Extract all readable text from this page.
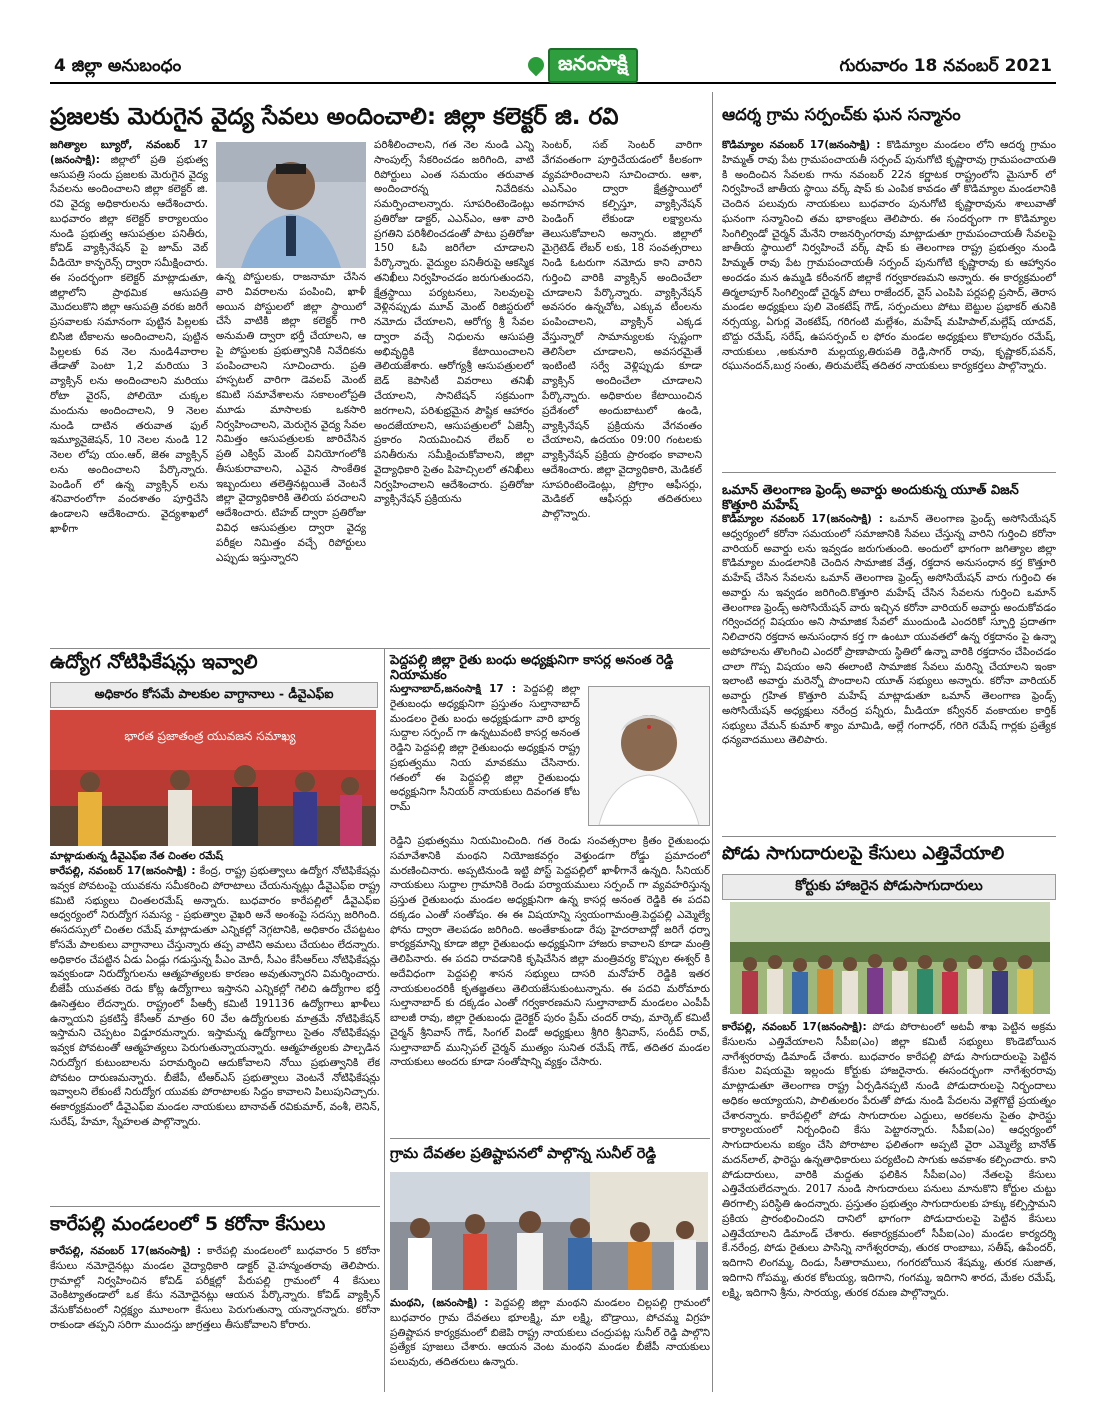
4 జిల్లా అనుబంధం	జనంసాక్షి	గురువారం 18 నవంబర్ 2021
ప్రజలకు మెరుగైన వైద్య సేవలు అందించాలి: జిల్లా కలెక్టర్ జి. రవి
జగిత్యాల బ్యూరో, నవంబర్ 17 (జనంసాక్షి): జిల్లాలో ప్రతి ప్రభుత్వ ఆసుపత్రి సందు ప్రజలకు మెరుగైన వైద్య సేవలను అందించాలని జిల్లా కలెక్టర్ జి. రవి వైద్య అధికారులను ఆదేశించారు. బుధవారం జిల్లా కలెక్టర్ కార్యాలయం నుండి ప్రభుత్వ ఆసుపత్రుల పనితీరు, కోవిడ్ వ్యాక్సినేషన్ పై జూమ్ వెబ్ వీడియో కాన్ఫరెన్స్ ద్వారా సమీక్షించారు. ఈ సందర్భంగా కలెక్టర్ మాట్లాడుతూ, జిల్లాలోని ప్రాథమిక ఆసుపత్రి మొదలుకొని జిల్లా ఆసుపత్రి వరకు జరిగే ప్రసవాలకు సమానంగా పుట్టిన పిల్లలకు బిసిజి టీకాలను అందించాలని, పుట్టిన పిల్లలకు 6వ నెల నుండి4వారాల తేడాతో పెంటా 1,2 మరియు 3 వ్యాక్సిన్ లను అందించాలని మరియు రోటా వైరస్, పోలియో చుక్కల మందును అందించాలని, 9 నెలల నుండి దాటిన తరువాత ఫుల్ ఇమ్యూనైజెషన్, 10 నెలల నుండి 12 నెలల లోపు యం.ఆర్, జెఈ వ్యాక్సిన్ లను అందించాలని పేర్కొన్నారు. పెండింగ్ లో ఉన్న వ్యాక్సిన్ లను శనివారంలోగా వందశాతం పూర్తిచేసి ఉండాలని ఆదేశించారు. వైద్యశాఖలో ఖాళీగా
ఉన్న పోస్టులకు, రాజనామా చేసిన వారి వివరాలను పంపించి, ఖాళీ అయిన పోస్టులలో జిల్లా స్థాయిలో చేసే వాటికి జిల్లా కలెక్టర్ గారి అనుమతి ద్వారా భర్తీ చేయాలని, ఆ పై పోస్టులకు ప్రభుత్వానికి నివేదికను పంపించాలని సూచించారు. ప్రతి హస్పటల్ వారిగా డెవలప్ మెంట్ కమిటి సమావేశాలను సకాలంలోప్రతి మూడు మాసాలకు ఒకసారి నిర్వహించాలని, మెరుగైన వైద్య సేవల నిమిత్తం ఆసుపత్రులకు జారిచేసిన ప్రతి ఎక్విప్ మెంట్ వినియోగంలోకి తీసుకురావాలని, ఎవైన సాంకేతిక ఇబ్బందులు తలెత్తినట్లయితే వెంటనే జిల్లా వైద్యాధికారికి తెలియ పరచాలని ఆదేశించారు. టిహబ్ ద్వారా ప్రతిరోజు వివిధ ఆసుపత్రుల ద్వారా వైద్య పరీక్షల నిమిత్తం వచ్చే రిపోర్టులు ఎప్పుడు ఇస్తున్నారని
పరిశీలించాలని, గత నెల నుండి ఎన్ని సాంపుల్స్ సేకరించడం జరిగింది, వాటి రిపోర్టులు ఎంత సమయం తరువాత అందించారన్న నివేదికను సమర్పించాలన్నారు. సూపరింటెండెంట్లు ప్రతిరోజు డాక్టర్, ఎఎన్ఎం, ఆశా వారి ప్రగతిని పరిశీలించడంతో పాటు ప్రతిరోజు 150 ఓపి జరిగేలా చూడాలని పేర్కొన్నారు. వైద్యుల పనితీరుపై ఆకస్మిక తనిఖీలు నిర్వహించడం జరుగుతుందని, క్షేత్రస్థాయి పర్యటనలు, సెలవులపై వెళ్లినప్పుడు మూవ్ మెంట్ రిజిస్టరులో నమోదు చేయాలని, ఆరోగ్య శ్రీ సేవల ద్వారా వచ్చే నిధులను ఆసుపత్రి అభివృద్ధికి కేటాయించాలని తెలియజేశారు. ఆరోగ్యశ్రీ ఆసుపత్రులలో బెడ్ కెపాసిటీ వివరాలు తనిఖీ చేయాలని, సానిటేషన్ సక్రమంగా జరగాలని, పరిశుభ్రమైన పౌష్టిక ఆహారం అందజేయాలని, ఆసుపత్రులలో ఏజెన్సీ ప్రకారం నియమించిన లేబర్ ల పనితీరును సమీక్షించుకోవాలని, జిల్లా వైద్యాధికారి సైతం పిహెచ్సిలలో తనిఖీలు నిర్వహించాలని ఆదేశించారు. ప్రతిరోజు వ్యాక్సినేషన్ ప్రక్రియను
సెంటర్, సబ్ సెంటర్ వారిగా వేగవంతంగా పూర్తిచేయడంలో కీలకంగా వ్యవహరించాలని సూచించారు. ఆశా, ఎఎన్ఎం ద్వారా క్షేత్రస్థాయిలో అవగాహన కల్పిస్తూ, వ్యాక్సినేషన్ పెండింగ్ లేకుండా లక్ష్యాలను తెలుసుకోవాలని అన్నారు. జిల్లాలో మైగ్రెటెడ్ లేబర్ లకు, 18 సంవత్సరాలు నిండి ఓటరుగా నమోదు కాని వారిని గుర్తించి వారికి వ్యాక్సిన్ అందించేలా చూడాలని పేర్కొన్నారు. వ్యాక్సినేషన్ అవసరం ఉన్నచోట, ఎక్కువ టీంలను పంపించాలని, వ్యాక్సిన్ ఎక్కడ వేస్తున్నారో సామాన్యులకు స్పష్టంగా తెలిసేలా చూడాలని, అవసరమైతే ఇంటింటి సర్వే వెళ్లిప్పుడు కూడా వ్యాక్సిన్ అందించేలా చూడాలని పేర్కొన్నారు. అధికారుల కేటాయించిన ప్రదేశంలో అందుబాటులో ఉండి, వ్యాక్సినేషన్ ప్రక్రియను వేగవంతం చేయాలని, ఉదయం 09:00 గంటలకు వ్యాక్సినేషన్ ప్రక్రియ ప్రారంభం కావాలని ఆదేశించారు. జిల్లా వైద్యాధికారి, మెడికల్ సూపరింటెండెంట్లు, ప్రోగ్రాం ఆఫీసర్లు, మెడికల్ ఆఫీసర్లు తదితరులు పాల్గొన్నారు.
ఆదర్శ గ్రామ సర్పంచ్‌కు ఘన సన్మానం
కొడిమ్యాల నవంబర్ 17(జనంసాక్షి) : కొడిమ్యాల మండలం లోని ఆదర్శ గ్రామం హిమ్మత్ రావు పేట గ్రామపంచాయతీ సర్పంచ్ పునుగోటి కృష్ణారావు గ్రామపంచాయతి కి అందించిన సేవలకు గాను నవంబర్ 22న కర్ణాటక రాష్ట్రంలోని మైసూర్ లో నిర్వహించే జాతీయ స్థాయి వర్క్ షాప్ కు ఎంపిక కావడం తో కొడిమ్యాల మండలానికి చెందిన పలువురు నాయకులు బుధవారం పునుగోటి కృష్ణారావును శాలువాతో ఘనంగా సన్మానించి తమ భాకాంక్షలు తెలిపారు. ఈ సందర్భంగా గా కొడిమ్యాల సింగిల్విండో చైర్మన్ మేనేని రాజనర్సింగరావు మాట్లాడుతూ గ్రామపంచాయతీ సేవలపై జాతీయ స్థాయిలో నిర్వహించే వర్క్ షాప్ కు తెలంగాణ రాష్ట్ర ప్రభుత్వం నుండి హిమ్మత్ రావు పేట గ్రామపంచాయతీ సర్పంచ్ పునుగోటి కృష్ణారావు కు ఆహ్వానం అందడం మన ఉమ్మడి కరీంనగర్ జిల్లాకే గర్వకారణమని అన్నారు. ఈ కార్యక్రమంలో తిర్మలాపూర్ సింగిల్విండో చైర్మన్ పోలు రాజేందర్, వైస్ ఎంపిపి పర్లపల్లి ప్రసాద్, తెరాస మండల అధ్యక్షులు పులి వెంకటేష్ గౌడ్, సర్పంచులు పోటు బెట్టుల ప్రభాకర్ తునికి నర్సయ్య, ఏగుర్ల వెంకటేష్, గరిగంటి మల్లేశం, మహేష్ మహిపాల్,మల్లేష్ యాదవ్, బొద్దు రమేష్, సరేష్, ఉపసర్పంచ్ ల ఫోరం మండల అధ్యక్షులు కొలాపురం రమేష్, నాయకులు ,అకునూరి మల్లయ్య,తిరుపతి రెడ్డి,సాగర్ రావు, కృష్ణాకర్,పవన్, రఘునందన్,బుర్ర సంతు, తిరుమలేష్ తదితర నాయకులు కార్యకర్తలు పాల్గొన్నారు.
ఒమాన్ తెలంగాణ ఫ్రెండ్స్ అవార్డు అందుకున్న యూత్ విజన్ కొత్తూరి మహేష్
కొడిమ్యాల నవంబర్ 17(జనంసాక్షి) : ఒమాన్ తెలంగాణ ఫ్రెండ్స్ అసోసియేషన్ ఆధ్వర్యంలో కరోనా సమయంలో సమాజానికి సేవలు చేస్తున్న వారిని గుర్తించి కరోనా వారియర్ అవార్డు లను ఇవ్వడం జరుగుతుంది. అందులో భాగంగా జగిత్యాల జిల్లా కొడిమ్యాల మండలానికి చెందిన సామాజిక వేత్త, రక్తదాన అనుసంధాన కర్త కొత్తూరి మహేష్ చేసిన సేవలను ఒమాన్ తెలంగాణ ఫ్రెండ్స్ అసోసియేషన్ వారు గుర్తించి ఈ అవార్డు ను ఇవ్వడం జరిగింది.కొత్తూరి మహేష్ చేసిన సేవలను గుర్తించి ఒమాన్ తెలంగాణ ఫ్రెండ్స్ అసోసియేషన్ వారు ఇచ్చిన కరోనా వారియర్ అవార్డు అందుకోవడం గర్వించదగ్గ విషయం అని సామాజిక సేవలో ముందుండి ఎందరికో స్ఫూర్తి ప్రదాతగా నిలిచారని రక్తదాన అనుసంధాన కర్త గా ఉంటూ యువతలో ఉన్న రక్తదానం పై ఉన్నా అపోహలను తొలగించి ఎందరో ప్రాణాపాయ స్థితిలో ఉన్నా వారికి రక్తదానం చేపించడం చాలా గొప్ప విషయం అని ఈలాంటి సామాజిక సేవలు మరిన్ని చేయాలని ఇంకా ఇలాంటి అవార్డు మరెన్నో పొందాలని యూత్ సభ్యులు అన్నారు. కరోనా వారియర్ అవార్డు గ్రహిత కొత్తూరి మహేష్ మాట్లాడుతూ ఒమాన్ తెలంగాణ ఫ్రెండ్స్ అసోసియేషన్ అధ్యక్షులు నరేంద్ర పన్నీరు, మీడియా కన్వీనర్ వంకాయల కార్తిక్ సభ్యులు వేమన్ కుమార్ శ్యాం మామిడి, అల్లే గంగాధర్, గరిగె రమేష్ గార్లకు ప్రత్యేక ధన్యవాదములు తెలిపారు.
పోడు సాగుదారులపై కేసులు ఎత్తివేయాలి
కోర్టుకు హాజరైన పోడుసాగుదారులు
కారేపల్లి, నవంబర్ 17(జనంసాక్షి): పోడు పోరాటంలో అటవీ శాఖ పెట్టిన అక్రమ కేసులను ఎత్తివేయాలని సీపీఐ(ఎం) జిల్లా కమిటీ సభ్యులు కొండెబోయిన నాగేశ్వరరావు డిమాండ్ చేశారు. బుధవారం కారేపల్లి పోడు సాగుదారులపై పెట్టిన కేసుల విషయమై ఇల్లందు కోర్టుకు హాజరైనారు. ఈసందర్భంగా నాగేశ్వరరావు మాట్లాడుతూ తెలంగాణ రాష్ట్ర ఏర్పడినప్పటి నుండి పోడుదారులపై నిర్భందాలు అధికం అయ్యాయని, పాలితులరం పేరుతో పోడు నుండి పేదలను వెళ్లగొట్టే ప్రయత్నం చేశారన్నారు. కారేపల్లిలో పోడు సాగుదారుల ఎద్దులు, అరకలను సైతం ఫారెస్టు కార్యాలయంలో నిర్బంధించి కేసు పెట్టారన్నారు. సీపీఐ(ఎం) ఆధ్వర్యంలో సాగుదారులను ఐక్యం చేసి పోరాటాల ఫలితంగా అప్పటి వైరా ఎమ్మెల్యే బానోత్ మదన్‌లాల్, ఫారెస్టు ఉన్నతాధికారులు పర్యటించి సాగుకు అవకాశం కల్పించారు. కాని పోడుదారులు, వారికి మద్దతు ఫలికిన సీపీఐ(ఎం) నేతలపై కేసులు ఎత్తివేయలేదన్నారు. 2017 నుండి సాగుదారులు పనులు మానుకొని కోర్టుల చుట్టు తిరగాల్సి పరిస్ధితి ఉందన్నారు. ప్రస్తుతం ప్రభుత్వం సాగుదారులకు హక్కు కల్పిస్తామని ప్రకియ ప్రారంభించిందని దానిలో భాగంగా పోడుదారులపై పెట్టిన కేసులు ఎత్తివేయాలని డిమాండ్ చేశారు. ఈకార్యక్రమంలో సీపీఐ(ఎం) మండల కార్యదర్శి కే.నరేంద్ర, పోడు రైతులు పాసిన్ని నాగేశ్వరరావు, తురక రాంబాబు, సతీష్, ఉపేందర్, ఇదిగాని లింగమ్మ, దిండు, సీతారాములు, గంగరబోయిన శేషమ్మ, తురక సుజాత, ఇదిగాని గోపమ్మ, తురక కోటయ్య, ఇదిగాని, గంగమ్మ, ఇదిగాని శారద, మేకల రమేష్, లక్ష్మి, ఇదిగాని శ్రీను, సారయ్య, తురక రమణ పాల్గొన్నారు.
ఉద్యోగ నోటిఫికేషన్లు ఇవ్వాలి
అధికారం కోసమే పాలకుల వాగ్దానాలు - డీవైఎఫ్ఐ
భారత ప్రజాతంత్ర యువజన సమాఖ్య
మాట్లాడుతున్న డీవైఎఫ్ఐ నేత చింతల రమేష్
కారేపల్లి, నవంబర్ 17(జనంసాక్షి) : కేంద్ర, రాష్ట్ర ప్రభుత్వాలు ఉద్యోగ నోటిఫికేషన్లు ఇవ్వక పోవటంపై యువకను సమీకరించి పోరాటాలు చేయనున్నట్లు డీవైఎఫ్ఐ రాష్ట్ర కమిటి సభ్యులు చింతలరమేష్ అన్నారు. బుధవారం కారేపల్లిలో డీవైఎఫ్ఐ ఆధ్వర్యంలో నిరుద్యోగ సమస్య - ప్రభుత్వాల వైఖరి అనే అంశంపై సదస్సు జరిగింది. ఈసదస్సులో చింతల రమేష్ మాట్లాడుతూ ఎన్నికల్లో నెగ్గటానికి, అధికారం చేపట్టటం కోసమే పాలకులు వాగ్దానాలు చేస్తున్నారు తప్ప వాటిని అమలు చేయటం లేదన్నారు. అధికారం చేపట్టిన ఏడు ఏండ్లు గడుస్తున్న పీఎం మోదీ, సీఎం కేసీఆర్‌లు నోటిఫికేషన్లు ఇవ్వకుండా నిరుద్యోగులను ఆత్మహత్యలకు కారణం అవుతున్నారని విమర్శించారు. బీజేపీ యువతకు రెడు కోట్ల ఉద్యోగాలు ఇస్తానని ఎన్నికల్లో గెలిచి ఉద్యోగాల భర్తీ ఊసెత్తటం లేదన్నారు. రాష్ట్రంలో పీఆర్సీ కమిటీ 191136 ఉద్యోగాలు ఖాళీలు ఉన్నాయని ప్రకటిస్తే కేసీఆర్ మాత్రం 60 వేల ఉద్యోగులకు మాత్రమే నోటిఫికేషన్ ఇస్తామని చెప్పటం విడ్డూరమన్నారు. ఇస్తామన్న ఉద్యోగాలు సైతం నోటిఫికేషన్లు ఇవ్వక పోవటంతో ఆత్మహత్యలు పెరుగుతున్నాయన్నారు. ఆత్మహత్యలకు పాల్పడిన నిరుద్యోగ కుటుంబాలను పరామర్శించి ఆదుకోవాలని నోయి ప్రభుత్వానికి లేక పోవటం దారుణమన్నారు. బీజేపీ, టీఆర్ఎస్ ప్రభుత్వాలు వెంటనే నోటిఫికేషన్లు ఇవ్వాలని లేకుంటే నిరుద్యోగ యువకు పోరాటాలకు సిద్దం కావాలని పిలుపునిచ్చారు. ఈకార్యక్రమంలో డీవైఎఫ్ఐ మండల నాయకులు బానావత్ రవికుమార్, వంశీ, లెనిన్, సురేష్, హేమా, స్నేహలత పాల్గొన్నారు.
కారేపల్లి మండలంలో 5 కరోనా కేసులు
కారేపల్లి, నవంబర్ 17(జనంసాక్షి) : కారేపల్లి మండలంలో బుధవారం 5 కరోనా కేసులు నమోదైనట్లు మండల వైద్యాధికారి డాక్టర్ వై.హన్మంతరావు తెలిపారు. గ్రామాల్లో నిర్వహించిన కోవిడ్ పరీక్షల్లో పేరుపల్లి గ్రామంలో 4 కేసులు వెంకిట్యాతండాలో ఒక కేసు నమోదైనట్లు ఆయన పేర్కొన్నారు. కోవిడ్ వ్యాక్సిన్ వేసుకోవటంలో నిర్లక్ష్యం మూలంగా కేసులు పెరుగుతున్నా యన్నారన్నారు. కరోనా రాకుండా తప్పని సరిగా ముందస్తు జాగ్రత్తలు తీసుకోవాలని కోరారు.
పెద్దపల్లి జిల్లా రైతు బంధు అధ్యక్షునిగా కాసర్ల అనంత రెడ్డి నియామకం
సుల్తానాబాద్,జనంసాక్షి 17 : పెద్దపల్లి జిల్లా రైతుబంధు అధ్యక్షునిగా ప్రస్తుతం సుల్తానాబాద్ మండలం రైతు బంధు అధ్యక్షుడుగా వారి భార్య సుద్దాల సర్పంచ్ గా ఉన్నటువంటి కాసర్ల అనంత రెడ్డిని పెద్దపల్లి జిల్లా రైతుబంధు అధ్యక్షున రాష్ట్ర ప్రభుత్వము నియ మావకము చేసినారు. గతంలో ఈ పెద్దపల్లి జిల్లా రైతుబంధు అధ్యక్షునిగా సీనియర్ నాయకులు దివంగత కోట రామ్
రెడ్డిని ప్రభుత్వము నియమించింది. గత రెండు సంవత్సరాల క్రితం రైతుబంధు సమావేశానికి మంథని నియోజకవర్గం వెళ్తుండగా రోడ్డు ప్రమాదంలో మరణించినారు. అప్పటినుండి ఇట్టి పోస్ట్ పెద్దపల్లిలో ఖాళీగానే ఉన్నది. సీనియర్ నాయకులు సుద్దాల గ్రామానికి రెండు పర్యాయములు సర్పంచ్ గా వ్యవహరిస్తున్న ప్రస్తుత రైతుబంధు మండల అధ్యక్షునిగా ఉన్న కాసర్ల అనంత రెడ్డికి ఈ పదవి దక్కడం ఎంతో సంతోషం. ఈ ఈ విషయాన్ని స్వయంగామంత్రి.పెద్దపల్లి ఎమ్మెల్యే ఫోను ద్వారా తెలపడం జరిగింది. అంతేకాకుండా రేపు హైదరాబాద్లో జరిగే ధర్నా కార్యక్రమాన్ని కూడా జిల్లా రైతుబంధు అధ్యక్షునిగా హాజరు కావాలని కూడా మంత్రి తెలిపినారు. ఈ పదవి రావడానికి కృషిచేసిన జిల్లా మంత్రివర్య కొప్పుల ఈశ్వర్ కి అదేవిధంగా పెద్దపల్లి శాసన సభ్యులు దాసరి మనోహర్ రెడ్డికి ఇతర నాయకులందరికీ కృతజ్ఞతలు తెలియజేసుకుంటున్నాను. ఈ పదవి మరోమారు సుల్తానాబాద్ కు దక్కడం ఎంతో గర్వకారణమని సుల్తానాబాద్ మండలం ఎంపీపీ బాలజీ రావు, జిల్లా రైతుబంధు డైరెక్టర్ పురం ప్రేమ్ చందర్ రావు, మార్కెట్ కమిటీ చైర్మన్ శ్రీనివాస్ గౌడ్, సింగల్ విండో అధ్యక్షులు శ్రీగిరి శ్రీనివాస్, సందీప్ రావ్, సుల్తానాబాద్ మున్సిపల్ చైర్మన్ ముత్యం సునిత రమేష్ గౌడ్, తదితర మండల నాయకులు అందరు కూడా సంతోషాన్ని వ్యక్తం చేసారు.
గ్రామ దేవతల ప్రతిష్టాపనలో పాల్గొన్న సునీల్ రెడ్డి
మంథని, (జనంసాక్షి) : పెద్దపల్లి జిల్లా మంథని మండలం చిల్లపల్లి గ్రామంలో బుధవారం గ్రామ దేవతలు భూలక్ష్మి, మా లక్ష్మి, బొడ్రాయి, పోచమ్మ విగ్రహ ప్రతిష్టాపన కార్యక్రమంలో బిజెపి రాష్ట్ర నాయకులు చంద్రుపట్ల సునీల్ రెడ్డి పాల్గొని ప్రత్యేక పూజలు చేశారు. ఆయన వెంట మంథని మండల బీజేపీ నాయకులు పలువురు, తదితరులు ఉన్నారు.
